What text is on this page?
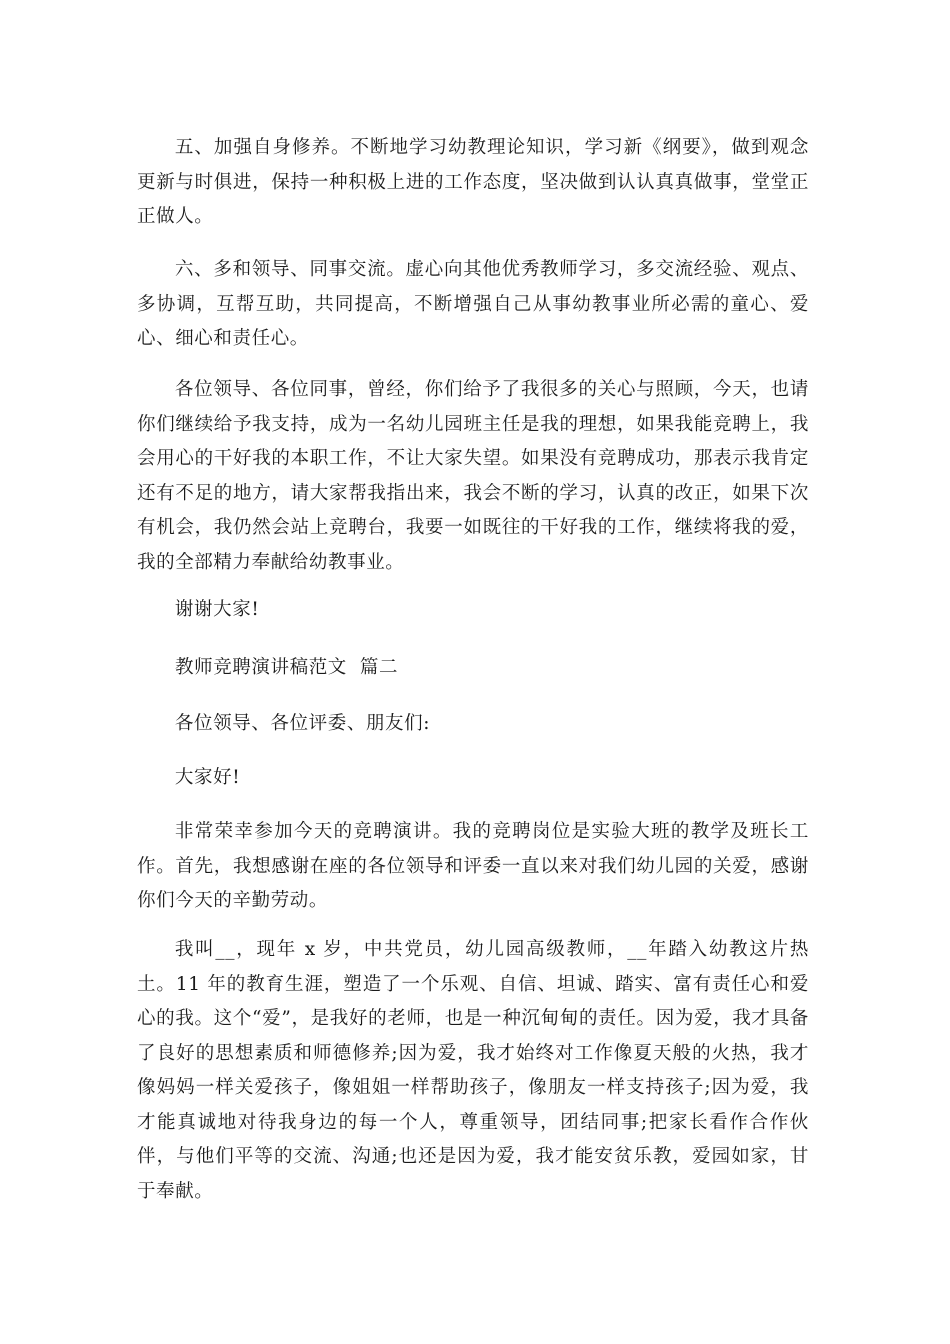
五、加强自身修养。不断地学习幼教理论知识，学习新《纲要》，做到观念更新与时俱进，保持一种积极上进的工作态度，坚决做到认认真真做事，堂堂正正做人。

六、多和领导、同事交流。虚心向其他优秀教师学习，多交流经验、观点、多协调，互帮互助，共同提高，不断增强自己从事幼教事业所必需的童心、爱心、细心和责任心。

各位领导、各位同事，曾经，你们给予了我很多的关心与照顾，今天，也请你们继续给予我支持，成为一名幼儿园班主任是我的理想，如果我能竞聘上，我会用心的干好我的本职工作，不让大家失望。如果没有竞聘成功，那表示我肯定还有不足的地方，请大家帮我指出来，我会不断的学习，认真的改正，如果下次有机会，我仍然会站上竞聘台，我要一如既往的干好我的工作，继续将我的爱，我的全部精力奉献给幼教事业。

谢谢大家!

教师竞聘演讲稿范文  篇二

各位领导、各位评委、朋友们:

大家好!

非常荣幸参加今天的竞聘演讲。我的竞聘岗位是实验大班的教学及班长工作。首先，我想感谢在座的各位领导和评委一直以来对我们幼儿园的关爱，感谢你们今天的辛勤劳动。

我叫__，现年 x 岁，中共党员，幼儿园高级教师，__年踏入幼教这片热土。11 年的教育生涯，塑造了一个乐观、自信、坦诚、踏实、富有责任心和爱心的我。这个“爱”，是我好的老师，也是一种沉甸甸的责任。因为爱，我才具备了良好的思想素质和师德修养;因为爱，我才始终对工作像夏天般的火热，我才像妈妈一样关爱孩子，像姐姐一样帮助孩子，像朋友一样支持孩子;因为爱，我才能真诚地对待我身边的每一个人，尊重领导，团结同事;把家长看作合作伙伴，与他们平等的交流、沟通;也还是因为爱，我才能安贫乐教，爱园如家，甘于奉献。
